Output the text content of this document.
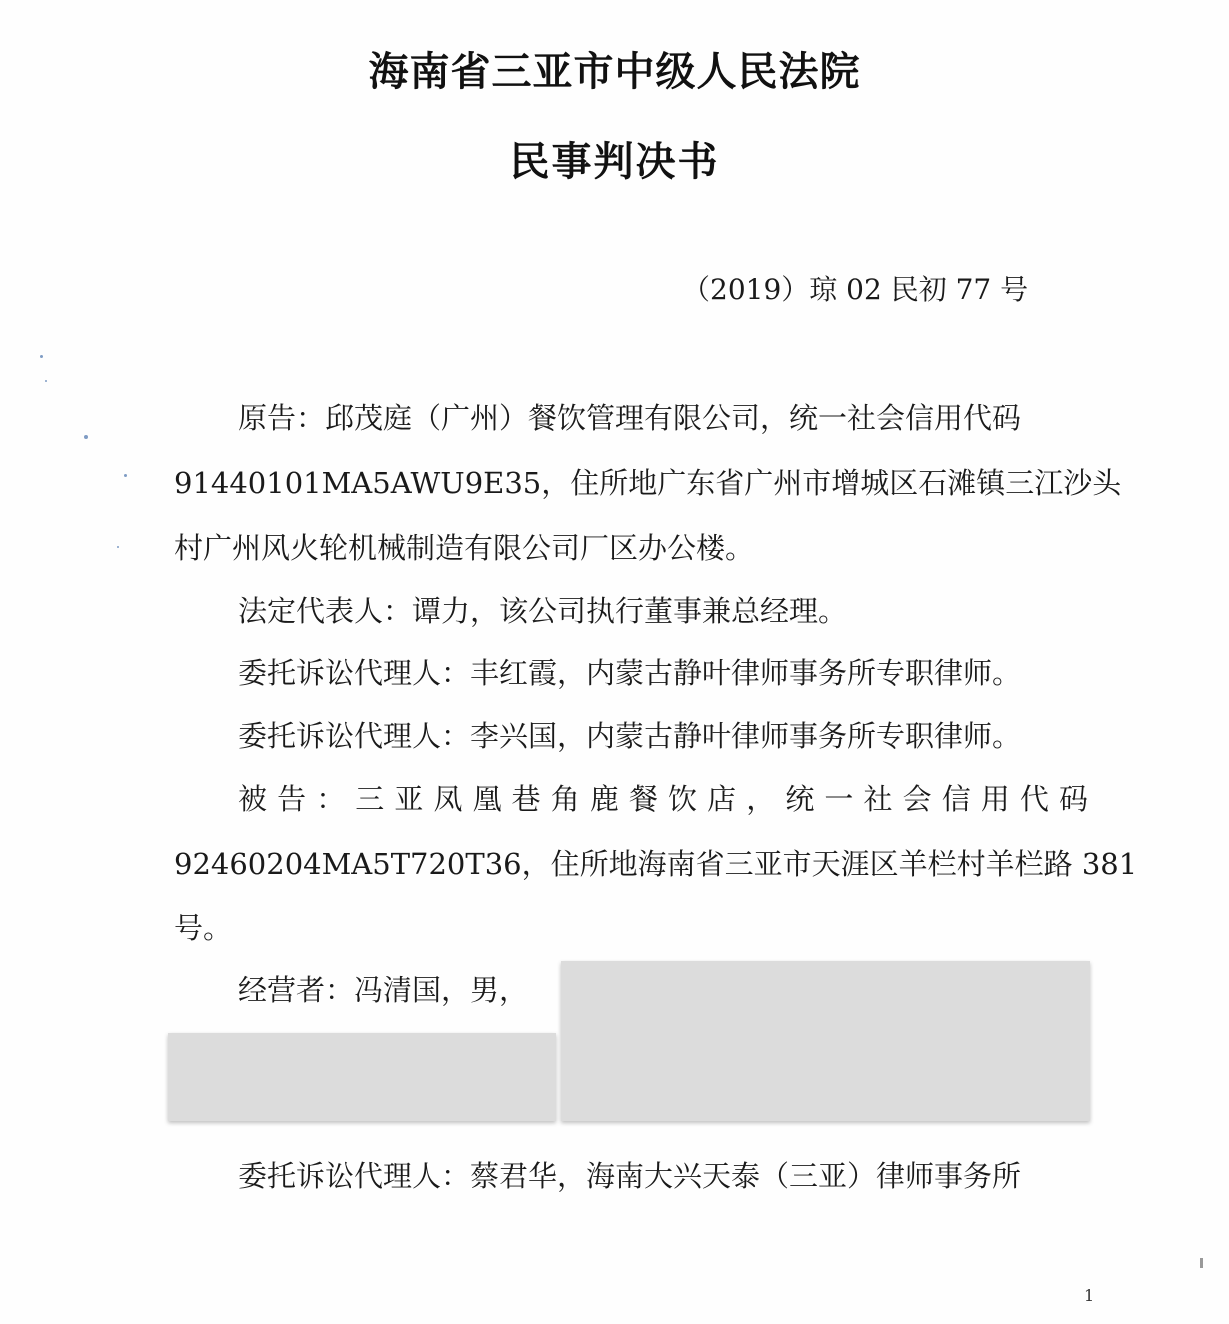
海南省三亚市中级人民法院
民事判决书
（2019）琼 02 民初 77 号

原告：邱茂庭（广州）餐饮管理有限公司，统一社会信用代码

91440101MA5AWU9E35，住所地广东省广州市增城区石滩镇三江沙头

村广州风火轮机械制造有限公司厂区办公楼。

法定代表人：谭力，该公司执行董事兼总经理。

委托诉讼代理人：丰红霞，内蒙古静叶律师事务所专职律师。

委托诉讼代理人：李兴国，内蒙古静叶律师事务所专职律师。

被告：三亚凤凰巷角鹿餐饮店，统一社会信用代码

92460204MA5T720T36，住所地海南省三亚市天涯区羊栏村羊栏路 381

号。

经营者：冯清国，男，

委托诉讼代理人：蔡君华，海南大兴天泰（三亚）律师事务所

1
